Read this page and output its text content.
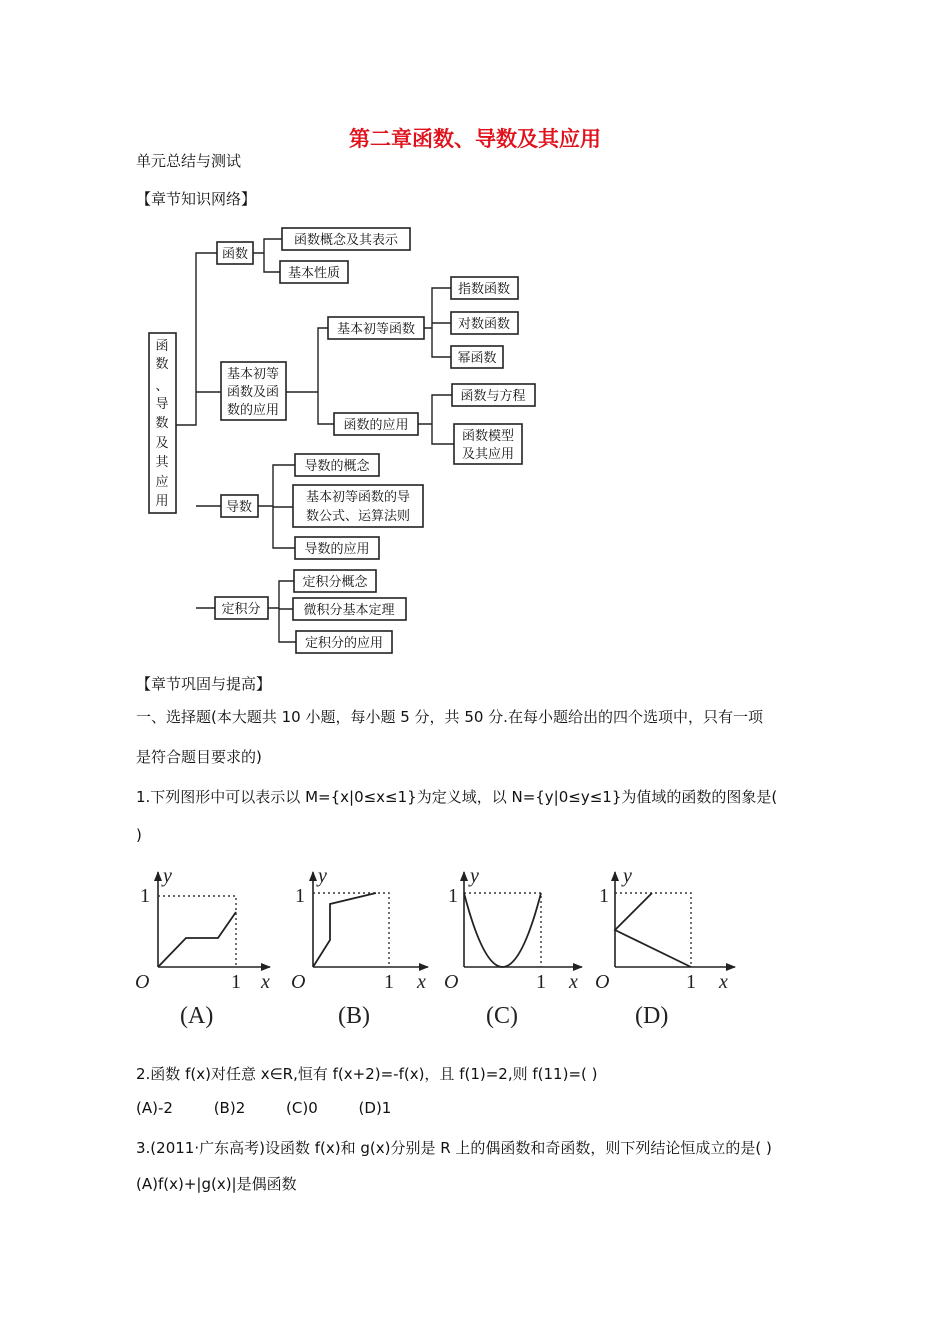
第二章函数、导数及其应用
单元总结与测试
【章节知识网络】
函
数
、
导
数
及
其
应
用
函数
函数概念及其表示
基本性质
基本初等
函数及函
数的应用
基本初等函数
指数函数
对数函数
幂函数
函数的应用
函数与方程
函数模型
及其应用
导数
导数的概念
基本初等函数的导
数公式、运算法则
导数的应用
定积分
定积分概念
微积分基本定理
定积分的应用
【章节巩固与提高】
一、选择题(本大题共 10 小题，每小题 5 分，共 50 分.在每小题给出的四个选项中，只有一项
是符合题目要求的)
1.下列图形中可以表示以 M={x|0≤x≤1}为定义域，以 N={y|0≤y≤1}为值域的函数的图象是(
)
y
1
O	1 x
(A)
y
1
O	1 x
(B)
y
1
O	1 x
(C)
y
1
O	1 x
(D)
2.函数 f(x)对任意 x∈R,恒有 f(x+2)=-f(x)，且 f(1)=2,则 f(11)=( )
(A)-2	(B)2	(C)0	(D)1
3.(2011·广东高考)设函数 f(x)和 g(x)分别是 R 上的偶函数和奇函数，则下列结论恒成立的是( )
(A)f(x)+|g(x)|是偶函数
